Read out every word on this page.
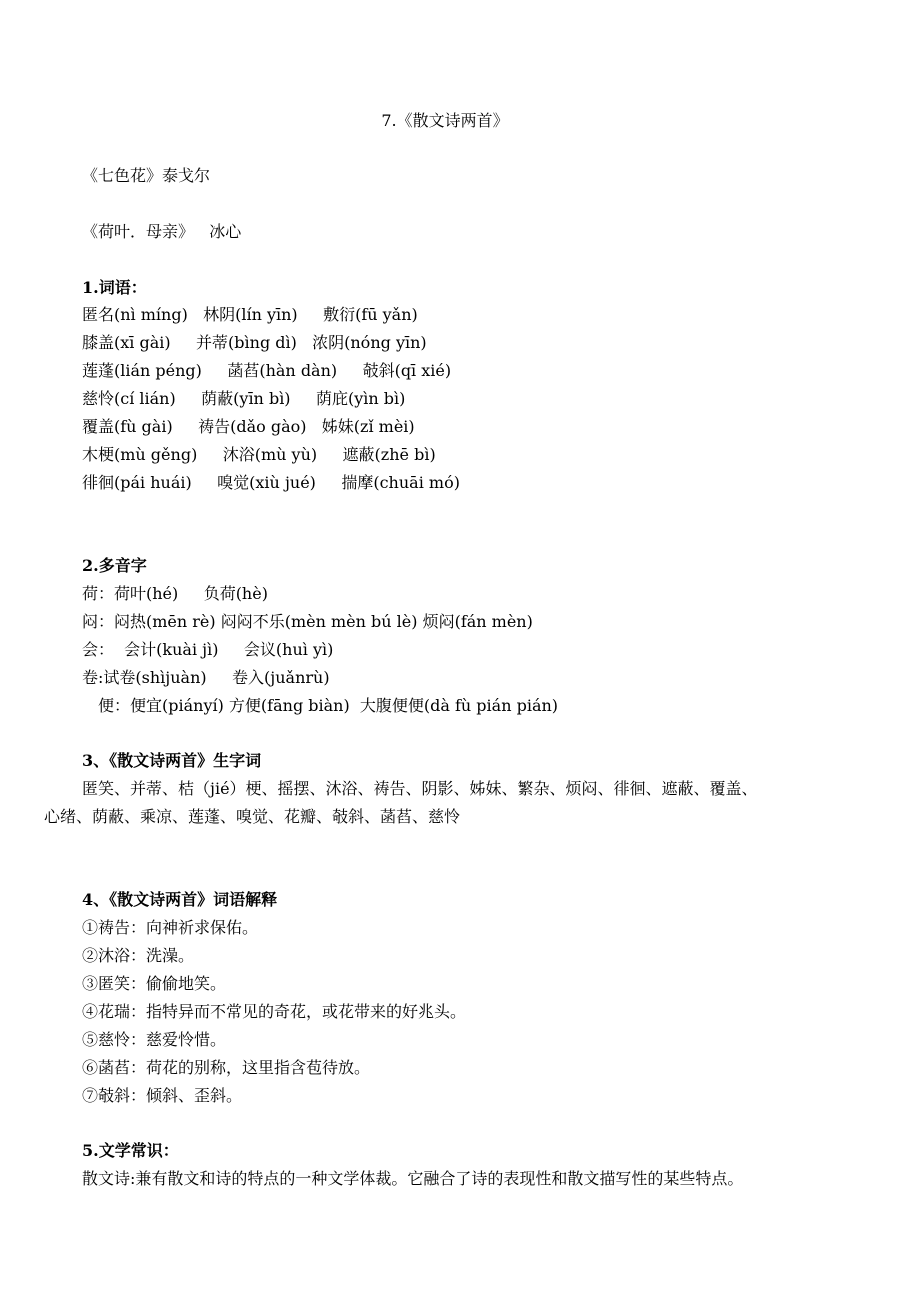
7.《散文诗两首》
《七色花》泰戈尔
《荷叶．母亲》   冰心
1.词语：
匿名(nì míng)   林阴(lín yīn)     敷衍(fū yǎn)
膝盖(xī gài)     并蒂(bìng dì)   浓阴(nóng yīn)
莲蓬(lián péng)     菡萏(hàn dàn)     攲斜(qī xié)
慈怜(cí lián)     荫蔽(yīn bì)     荫庇(yìn bì)
覆盖(fù gài)     祷告(dǎo gào)   姊妹(zǐ mèi)
木梗(mù gěng)     沐浴(mù yù)     遮蔽(zhē bì)
徘徊(pái huái)     嗅觉(xiù jué)     揣摩(chuāi mó)
2.多音字
荷：荷叶(hé)     负荷(hè)
闷：闷热(mēn rè) 闷闷不乐(mèn mèn bú lè) 烦闷(fán mèn)
会：  会计(kuài jì)     会议(huì yì)
卷:试卷(shìjuàn)     卷入(juǎnrù)
便：便宜(piányí) 方便(fāng biàn)  大腹便便(dà fù pián pián)
3、《散文诗两首》生字词
匿笑、并蒂、桔（jié）梗、摇摆、沐浴、祷告、阴影、姊妹、繁杂、烦闷、徘徊、遮蔽、覆盖、
心绪、荫蔽、乘凉、莲蓬、嗅觉、花瓣、攲斜、菡萏、慈怜
4、《散文诗两首》词语解释
①祷告：向神祈求保佑。
②沐浴：洗澡。
③匿笑：偷偷地笑。
④花瑞：指特异而不常见的奇花，或花带来的好兆头。
⑤慈怜：慈爱怜惜。
⑥菡萏：荷花的别称，这里指含苞待放。
⑦攲斜：倾斜、歪斜。
5.文学常识：
散文诗:兼有散文和诗的特点的一种文学体裁。它融合了诗的表现性和散文描写性的某些特点。
